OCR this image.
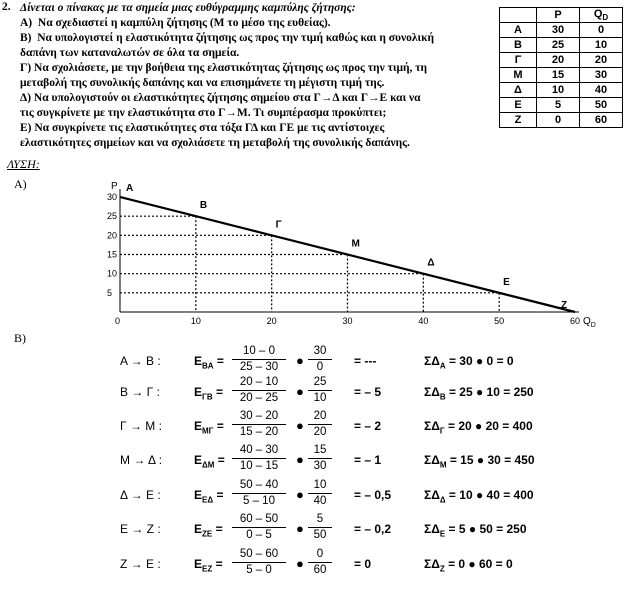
2. Δίνεται ο πίνακας με τα σημεία μιας ευθύγραμμης καμπύλης ζήτησης:
Α) Να σχεδιαστεί η καμπύλη ζήτησης (Μ το μέσο της ευθείας).
Β) Να υπολογιστεί η ελαστικότητα ζήτησης ως προς την τιμή καθώς και η συνολική
δαπάνη των καταναλωτών σε όλα τα σημεία.
Γ) Να σχολιάσετε, με την βοήθεια της ελαστικότητας ζήτησης ως προς την τιμή, τη
μεταβολή της συνολικής δαπάνης και να επισημάνετε τη μέγιστη τιμή της.
Δ) Να υπολογιστούν οι ελαστικότητες ζήτησης σημείου στα Γ→Δ και Γ→Ε και να
τις συγκρίνετε με την ελαστικότητα στο Γ→Μ. Τι συμπέρασμα προκύπτει;
Ε) Να συγκρίνετε τις ελαστικότητες στα τόξα ΓΔ και ΓΕ με τις αντίστοιχες
ελαστικότητες σημείων και να σχολιάσετε τη μεταβολή της συνολικής δαπάνης.
	P	$Q_D$
Α	30	0
Β	25	10
Γ	20	20
Μ	15	30
Δ	10	40
Ε	5	50
Ζ	0	60
ΛΥΣΗ:
Α)	P
$Q_D$
0	10	20	30	40	50	60
5
10
15
20
25
30
Α
Β
Γ
Μ
Δ
Ε
Ζ
Β)
Α → Β :	$E_{BA} = \frac{10 - 0}{25 - 30}$ ● $\frac{30}{0}$ = ---	$\Sigma\Delta_A = 30$ ● 0 = 0
Β → Γ :	$E_{\Gamma B} = \frac{20 - 10}{20 - 25}$ ● $\frac{25}{10}$ = – 5	$\Sigma\Delta_B = 25$ ● 10 = 250
Γ → Μ :	$E_{M\Gamma} = \frac{30 - 20}{15 - 20}$ ● $\frac{20}{20}$ = – 2	$\Sigma\Delta_\Gamma = 20$ ● 20 = 400
Μ → Δ :	$E_{\Delta M} = \frac{40 - 30}{10 - 15}$ ● $\frac{15}{30}$ = – 1	$\Sigma\Delta_M = 15$ ● 30 = 450
Δ → Ε :	$E_{E\Delta} = \frac{50 - 40}{5 - 10}$ ● $\frac{10}{40}$ = – 0,5	$\Sigma\Delta_\Delta = 10$ ● 40 = 400
Ε → Ζ :	$E_{ZE} = \frac{60 - 50}{0 - 5}$ ● $\frac{5}{50}$ = – 0,2	$\Sigma\Delta_E = 5$ ● 50 = 250
Ζ → Ε :	$E_{EZ} = \frac{50 - 60}{5 - 0}$ ● $\frac{0}{60} = 0$	$\Sigma\Delta_Z = 0$ ● 60 = 0
